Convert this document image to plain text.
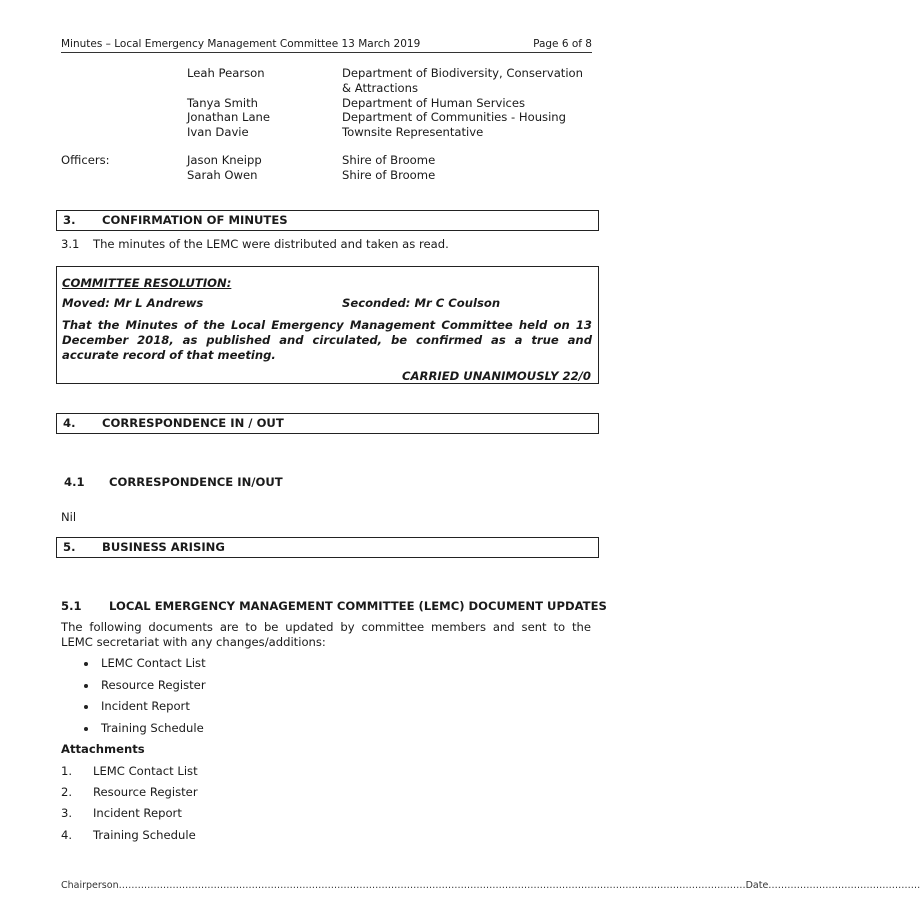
Minutes – Local Emergency Management Committee 13 March 2019	Page 6 of 8
Leah Pearson	Department of Biodiversity, Conservation
& Attractions
Tanya Smith	Department of Human Services
Jonathan Lane	Department of Communities - Housing
Ivan Davie	Townsite Representative
Officers:	Jason Kneipp	Shire of Broome
Sarah Owen	Shire of Broome
3. CONFIRMATION OF MINUTES
3.1 The minutes of the LEMC were distributed and taken as read.
COMMITTEE RESOLUTION:
Moved: Mr L Andrews	Seconded: Mr C Coulson
That the Minutes of the Local Emergency Management Committee held on 13 December 2018, as published and circulated, be confirmed as a true and accurate record of that meeting.
CARRIED UNANIMOUSLY 22/0
4. CORRESPONDENCE IN / OUT
4.1 CORRESPONDENCE IN/OUT
Nil
5. BUSINESS ARISING
5.1 LOCAL EMERGENCY MANAGEMENT COMMITTEE (LEMC) DOCUMENT UPDATES
The following documents are to be updated by committee members and sent to the
LEMC secretariat with any changes/additions:
LEMC Contact List
Resource Register
Incident Report
Training Schedule
Attachments
1. LEMC Contact List
2. Resource Register
3. Incident Report
4. Training Schedule
Chairperson………………………………………………………………………………………………………………………………………………………………………………Date…………………………………………
